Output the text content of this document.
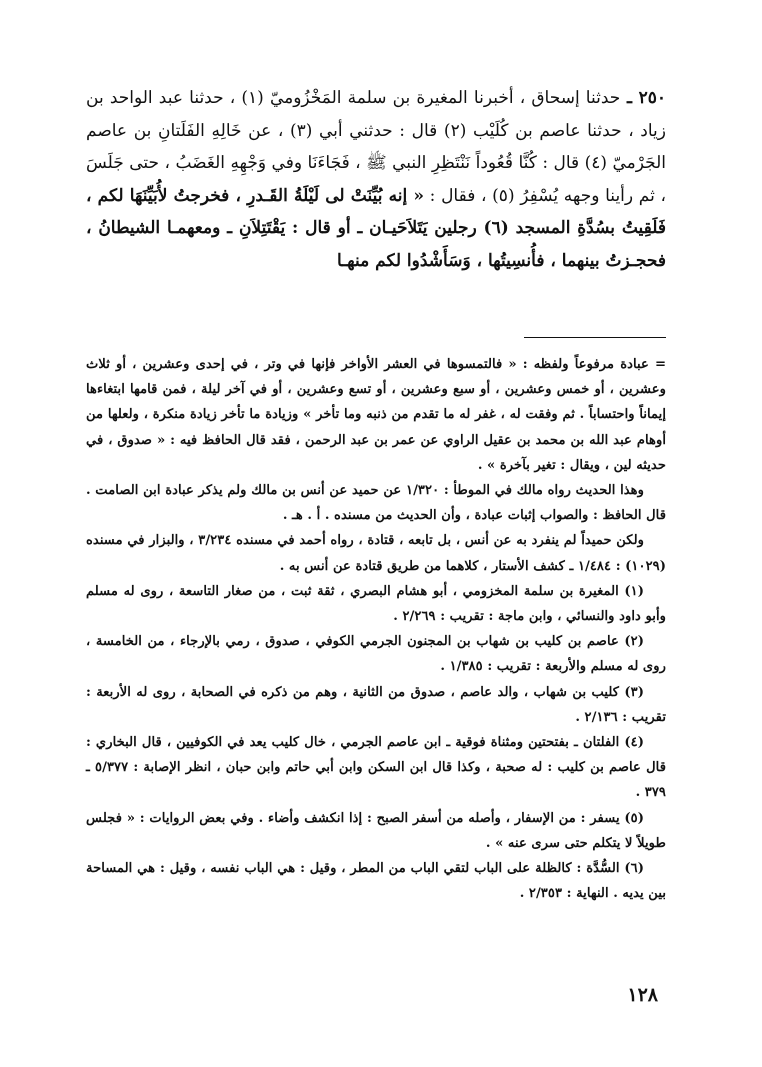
٢٥٠ ـ حدثنا إسحاق ، أخبرنا المغيرة بن سلمة المَخْزُوميّ (١) ، حدثنا عبد الواحد بن زياد ، حدثنا عاصم بن كُلَيْب (٢) قال : حدثني أبي (٣) ، عن خَالِهِ الفَلَتانِ بن عاصم الجَرْميّ (٤) قال : كُنَّا قُعُوداً نَنْتَظِرِ النبي ﷺ ، فَجَاءَنَا وفي وَجْهِهِ الغَضَبُ ، حتى جَلَسَ ، ثم رأينا وجهه يُسْفِرُ (٥) ، فقال : « إنه بُيِّنَتْ لى لَيْلَةُ القَـدرِ ، فخرجتُ لأُبَيِّنَهَا لكم ، فَلَقِيتُ بسُدَّةِ المسجد (٦) رجلين يَتَلاَحَيـان ـ أو قال : يَقْتَتِلاَنِ ـ ومعهمـا الشيطانُ ، فحجـزتُ بينهما ، فأُنسِيتُها ، وَسَأَشْدُوا لكم منهـا

= عبادة مرفوعاً ولفظه : « فالتمسوها في العشر الأواخر فإنها في وتر ، في إحدى وعشرين ، أو ثلاث وعشرين ، أو خمس وعشرين ، أو سبع وعشرين ، أو تسع وعشرين ، أو في آخر ليلة ، فمن قامها ابتغاءها إيماناً واحتساباً . ثم وفقت له ، غفر له ما تقدم من ذنبه وما تأخر » وزيادة ما تأخر زيادة منكرة ، ولعلها من أوهام عبد الله بن محمد بن عقيل الراوي عن عمر بن عبد الرحمن ، فقد قال الحافظ فيه : « صدوق ، في حديثه لين ، ويقال : تغير بآخرة » .

وهذا الحديث رواه مالك في الموطأ : ١/٣٢٠ عن حميد عن أنس بن مالك ولم يذكر عبادة ابن الصامت . قال الحافظ : والصواب إثبات عبادة ، وأن الحديث من مسنده . أ . هـ .

ولكن حميداً لم ينفرد به عن أنس ، بل تابعه ، قتادة ، رواه أحمد في مسنده ٣/٢٣٤ ، والبزار في مسنده (١٠٢٩) : ١/٤٨٤ ـ كشف الأستار ، كلاهما من طريق قتادة عن أنس به .

(١) المغيرة بن سلمة المخزومي ، أبو هشام البصري ، ثقة ثبت ، من صغار التاسعة ، روى له مسلم وأبو داود والنسائي ، وابن ماجة : تقريب : ٢/٢٦٩ .

(٢) عاصم بن كليب بن شهاب بن المجنون الجرمي الكوفي ، صدوق ، رمي بالإرجاء ، من الخامسة ، روى له مسلم والأربعة : تقريب : ١/٣٨٥ .

(٣) كليب بن شهاب ، والد عاصم ، صدوق من الثانية ، وهم من ذكره في الصحابة ، روى له الأربعة : تقريب : ٢/١٣٦ .

(٤) الفلتان ـ بفتحتين ومثناة فوقية ـ ابن عاصم الجرمي ، خال كليب يعد في الكوفيين ، قال البخاري : قال عاصم بن كليب : له صحبة ، وكذا قال ابن السكن وابن أبي حاتم وابن حبان ، انظر الإصابة : ٥/٣٧٧ ـ ٣٧٩ .

(٥) يسفر : من الإسفار ، وأصله من أسفر الصبح : إذا انكشف وأضاء . وفي بعض الروايات : « فجلس طويلاً لا يتكلم حتى سرى عنه » .

(٦) السُّدَّة : كالظلة على الباب لتقي الباب من المطر ، وقيل : هي الباب نفسه ، وقيل : هي المساحة بين يديه . النهاية : ٢/٣٥٣ .

١٢٨
